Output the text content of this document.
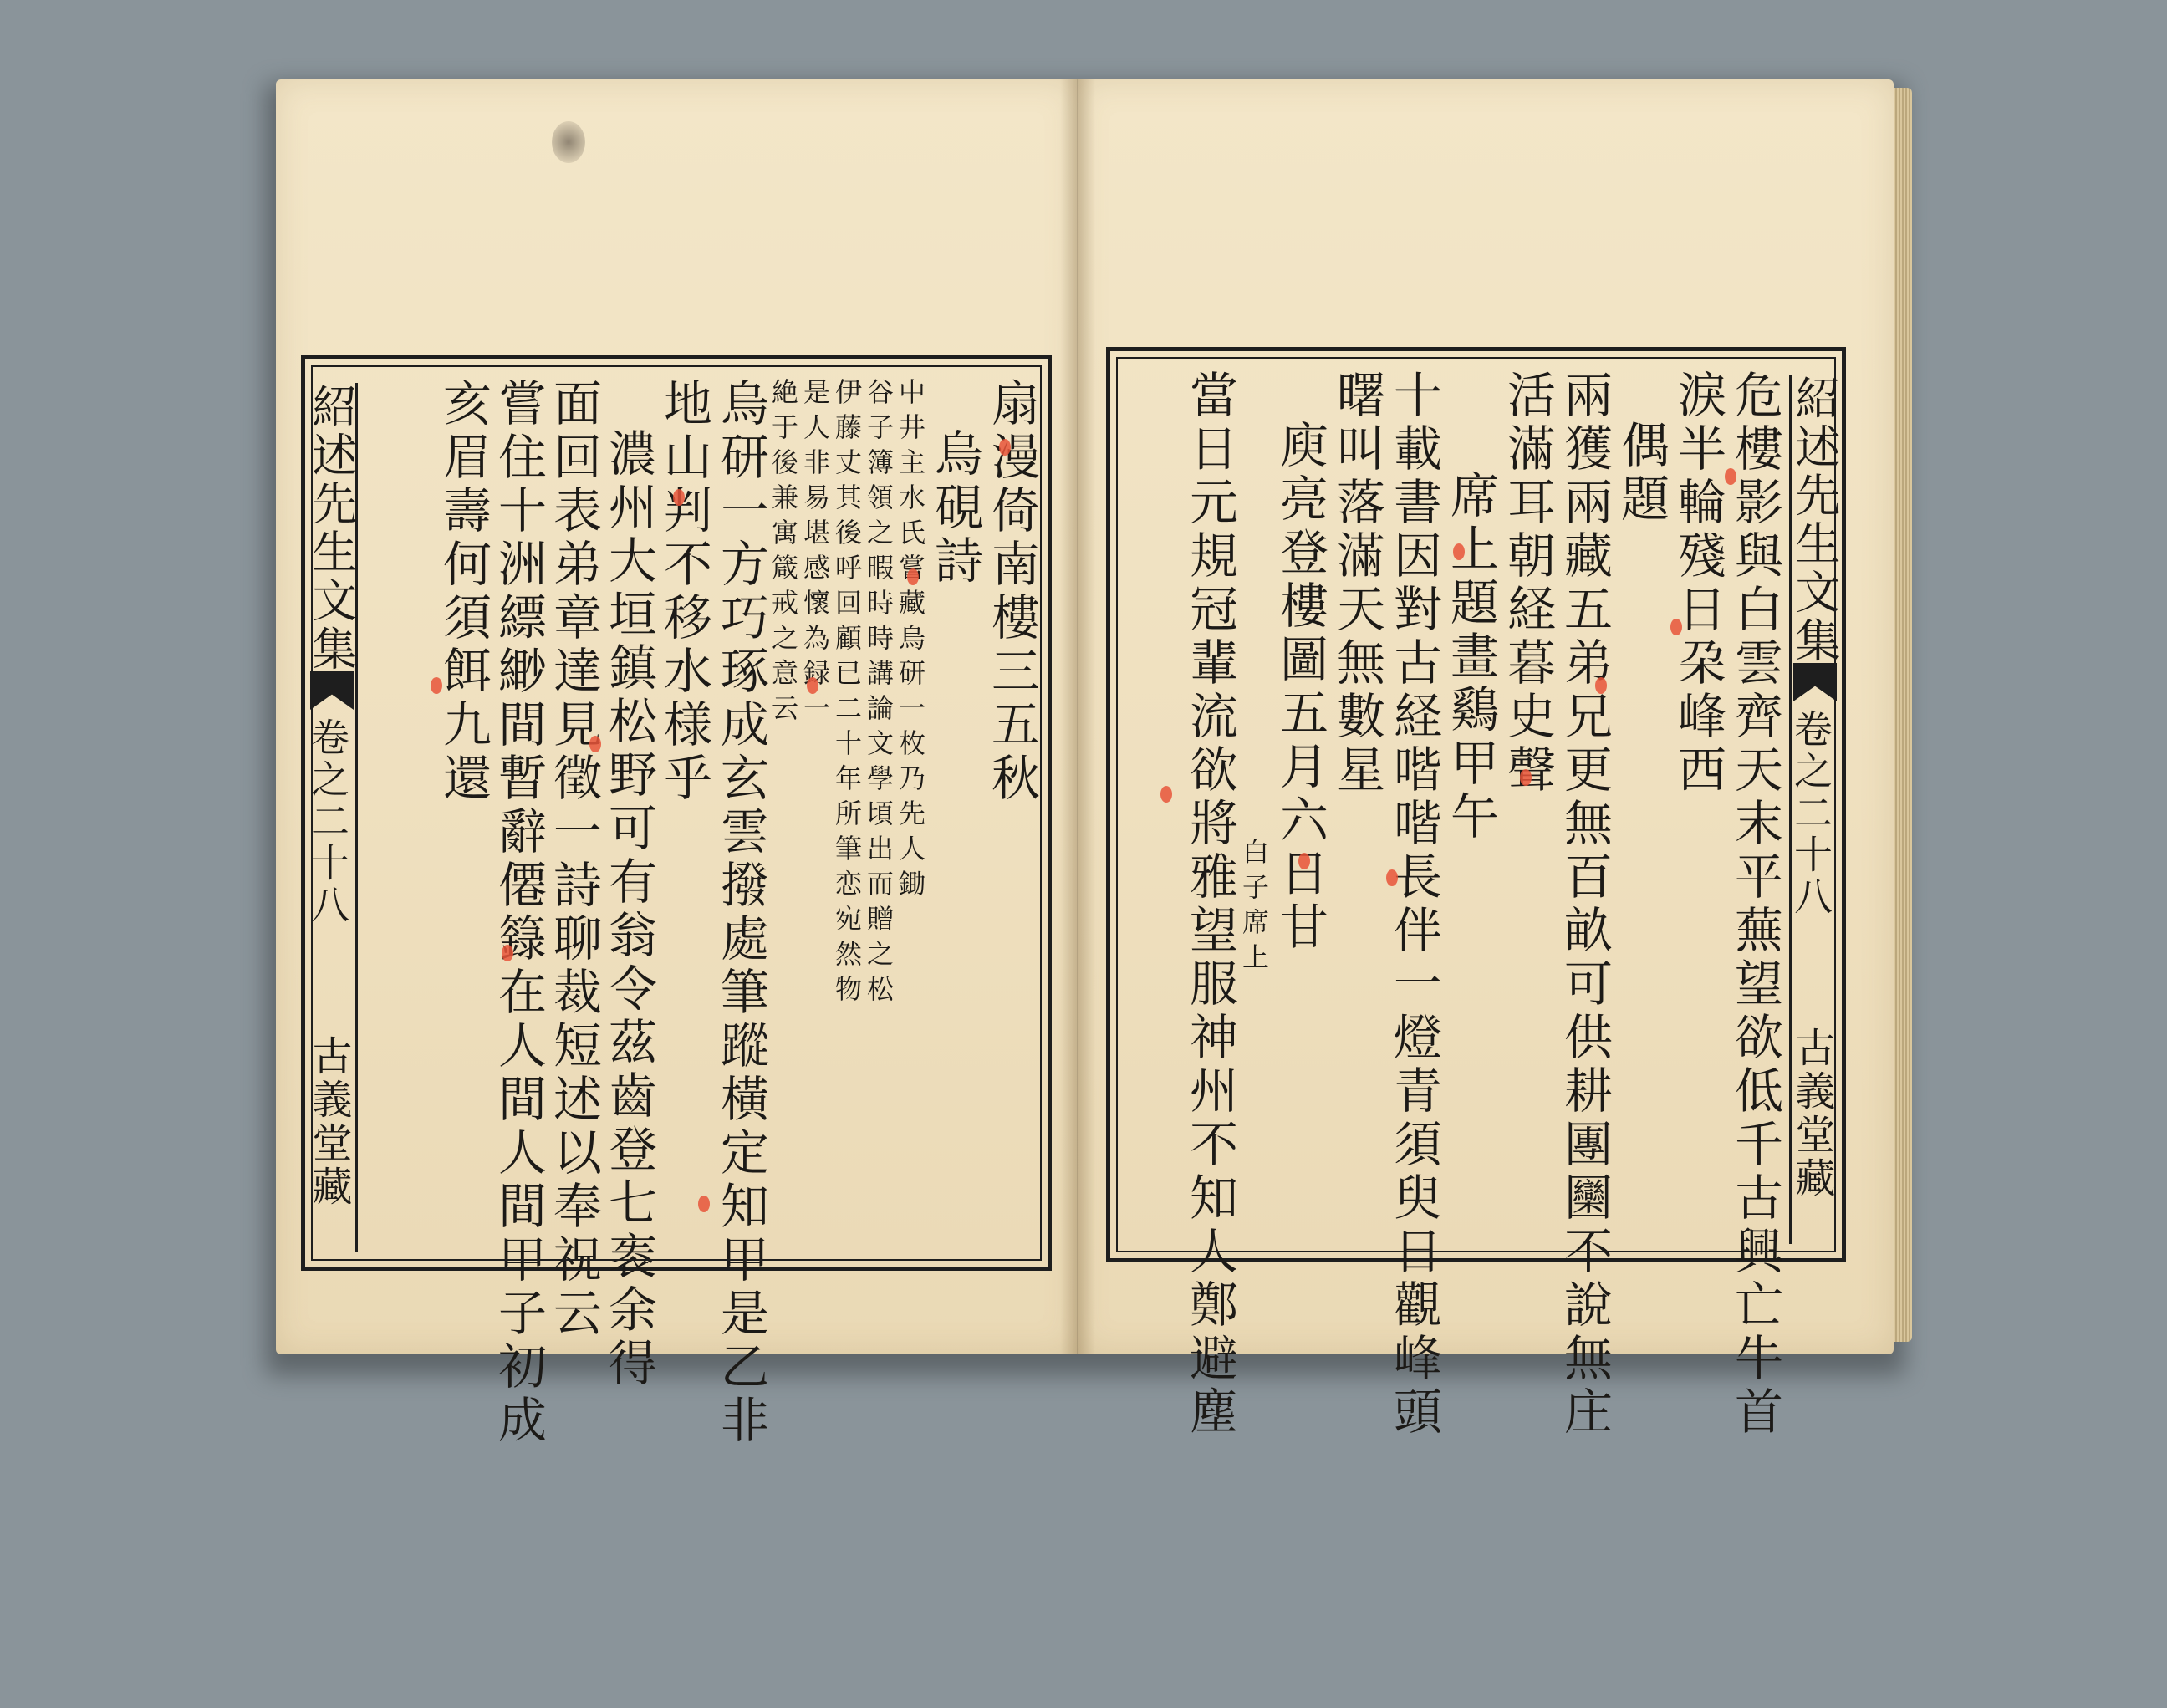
紹述先生文集
卷之二十八
古義堂藏
扇漫倚南樓三五秋
烏硯詩
中井主水氏嘗藏烏研一枚乃先人鋤
谷子簿領之暇時時講論文學頃出而贈之松
伊藤丈其後呼回顧已二十年所筆恋宛然物
是人非易堪感懷為録一
絶于後兼寓箴戒之意云
烏研一方巧琢成玄雲撥處筆蹤橫定知甲是乙非
地山判不移水様乎
濃州大垣鎮松野可有翁令茲齒登七袠余得
面回表弟章達見徵一詩聊裁短述以奉祝云
嘗住十洲縹緲間暫辭僊籙在人間人間甲子初成
亥眉壽何須餌九還	危樓影與白雲齊天末平蕪望欲低千古興亡牛首
淚半輪殘日朶峰西
偶題
兩獲兩藏五弟兄更無百畝可供耕團圞不說無庄
活滿耳朝経暮史聲
席上題畫鷄甲午
十載書因對古経喈喈長伴一燈青須臾日觀峰頭
曙叫落滿天無數星
庾亮登樓圖五月六日甘
白子席上
當日元規冠輩流欲將雅望服神州不知人鄭避塵	紹述先生文集
卷之二十八
古義堂藏
